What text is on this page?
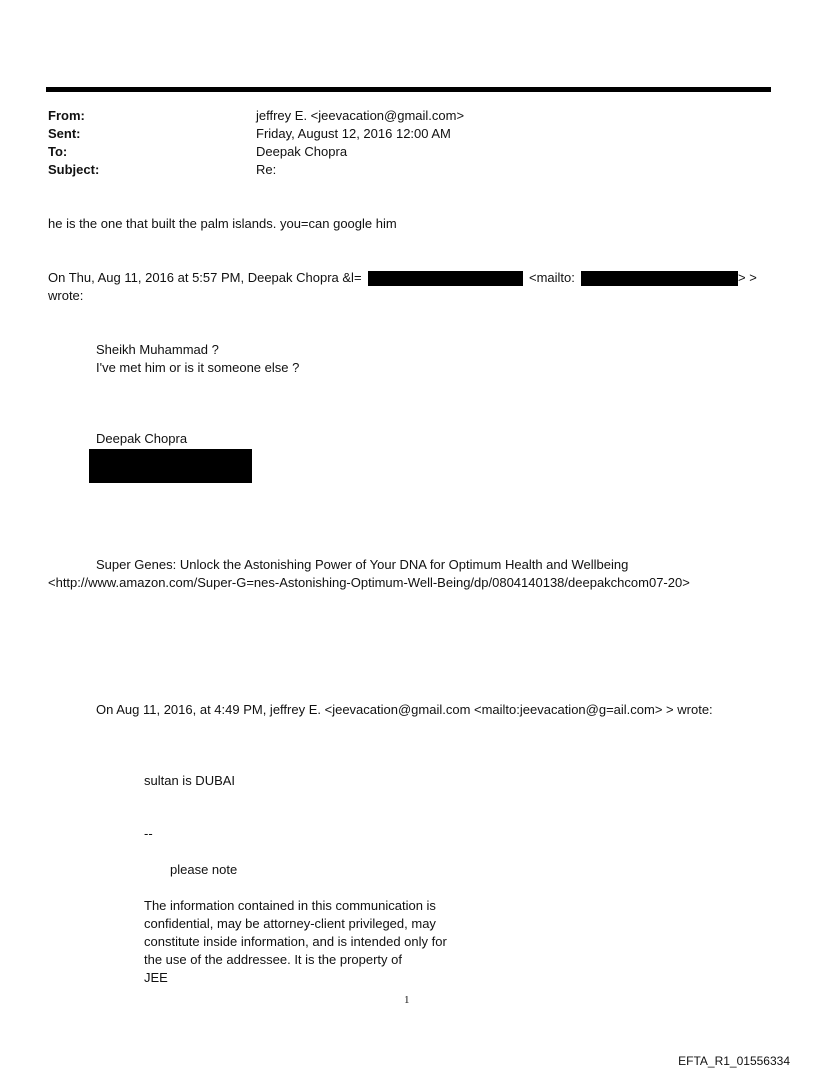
From:	jeffrey E. <jeevacation@gmail.com>
Sent:	Friday, August 12, 2016 12:00 AM
To:	Deepak Chopra
Subject:	Re:
he is the one that built the palm islands. you=can google him
On Thu, Aug 11, 2016 at 5:57 PM, Deepak Chopra &l=	<mailto:	> >
wrote:
Sheikh Muhammad ?
I've met him or is it someone else ?
Deepak Chopra
Super Genes: Unlock the Astonishing Power of Your DNA for Optimum Health and Wellbeing
<http://www.amazon.com/Super-G=nes-Astonishing-Optimum-Well-Being/dp/0804140138/deepakchcom07-20>
On Aug 11, 2016, at 4:49 PM, jeffrey E. <jeevacation@gmail.com <mailto:jeevacation@g=ail.com> > wrote:
sultan is DUBAI
--
please note
The information contained in this communication is
confidential, may be attorney-client privileged, may
constitute inside information, and is intended only for
the use of the addressee. It is the property of
JEE
1
EFTA_R1_01556334
